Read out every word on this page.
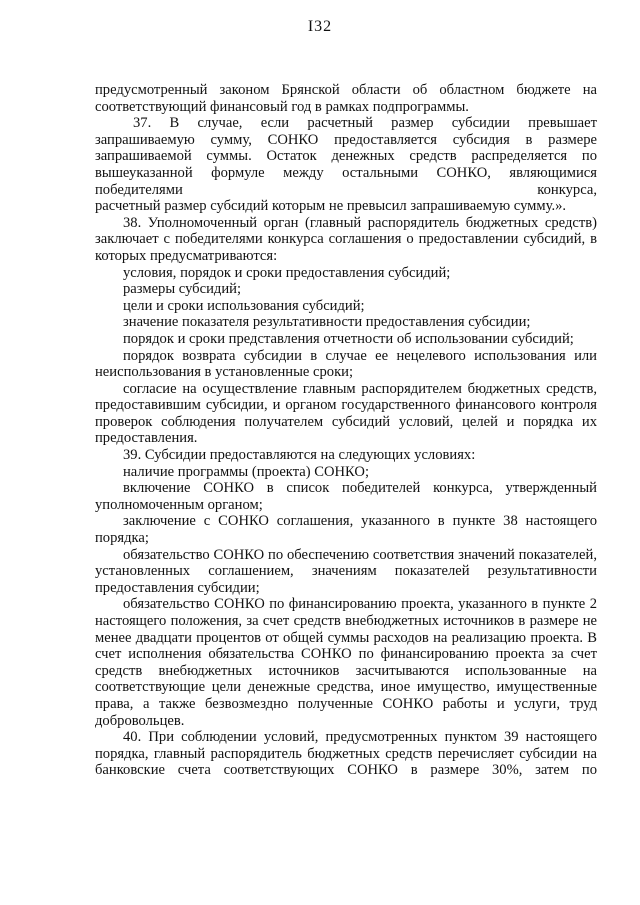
I32

предусмотренный законом Брянской области об областном бюджете на соответствующий финансовый год в рамках подпрограммы.

37. В случае, если расчетный размер субсидии превышает запрашиваемую сумму, СОНКО предоставляется субсидия в размере запрашиваемой суммы. Остаток денежных средств распределяется по вышеуказанной формуле между остальными СОНКО, являющимися победителями конкурса,

расчетный размер субсидий которым не превысил запрашиваемую сумму.».

38. Уполномоченный орган (главный распорядитель бюджетных средств) заключает с победителями конкурса соглашения о предоставлении субсидий, в которых предусматриваются:

условия, порядок и сроки предоставления субсидий;

размеры субсидий;

цели и сроки использования субсидий;

значение показателя результативности предоставления субсидии;

порядок и сроки представления отчетности об использовании субсидий;

порядок возврата субсидии в случае ее нецелевого использования или неиспользования в установленные сроки;

согласие на осуществление главным распорядителем бюджетных средств, предоставившим субсидии, и органом государственного финансового контроля проверок соблюдения получателем субсидий условий, целей и порядка их предоставления.

39. Субсидии предоставляются на следующих условиях:

наличие программы (проекта) СОНКО;

включение СОНКО в список победителей конкурса, утвержденный уполномоченным органом;

заключение с СОНКО соглашения, указанного в пункте 38 настоящего порядка;

обязательство СОНКО по обеспечению соответствия значений показателей, установленных соглашением, значениям показателей результативности предоставления субсидии;

обязательство СОНКО по финансированию проекта, указанного в пункте 2 настоящего положения, за счет средств внебюджетных источников в размере не менее двадцати процентов от общей суммы расходов на реализацию проекта. В счет исполнения обязательства СОНКО по финансированию проекта за счет средств внебюджетных источников засчитываются использованные на соответствующие цели денежные средства, иное имущество, имущественные права, а также безвозмездно полученные СОНКО работы и услуги, труд добровольцев.

40. При соблюдении условий, предусмотренных пунктом 39 настоящего порядка, главный распорядитель бюджетных средств перечисляет субсидии на банковские счета соответствующих СОНКО в размере 30%, затем по
